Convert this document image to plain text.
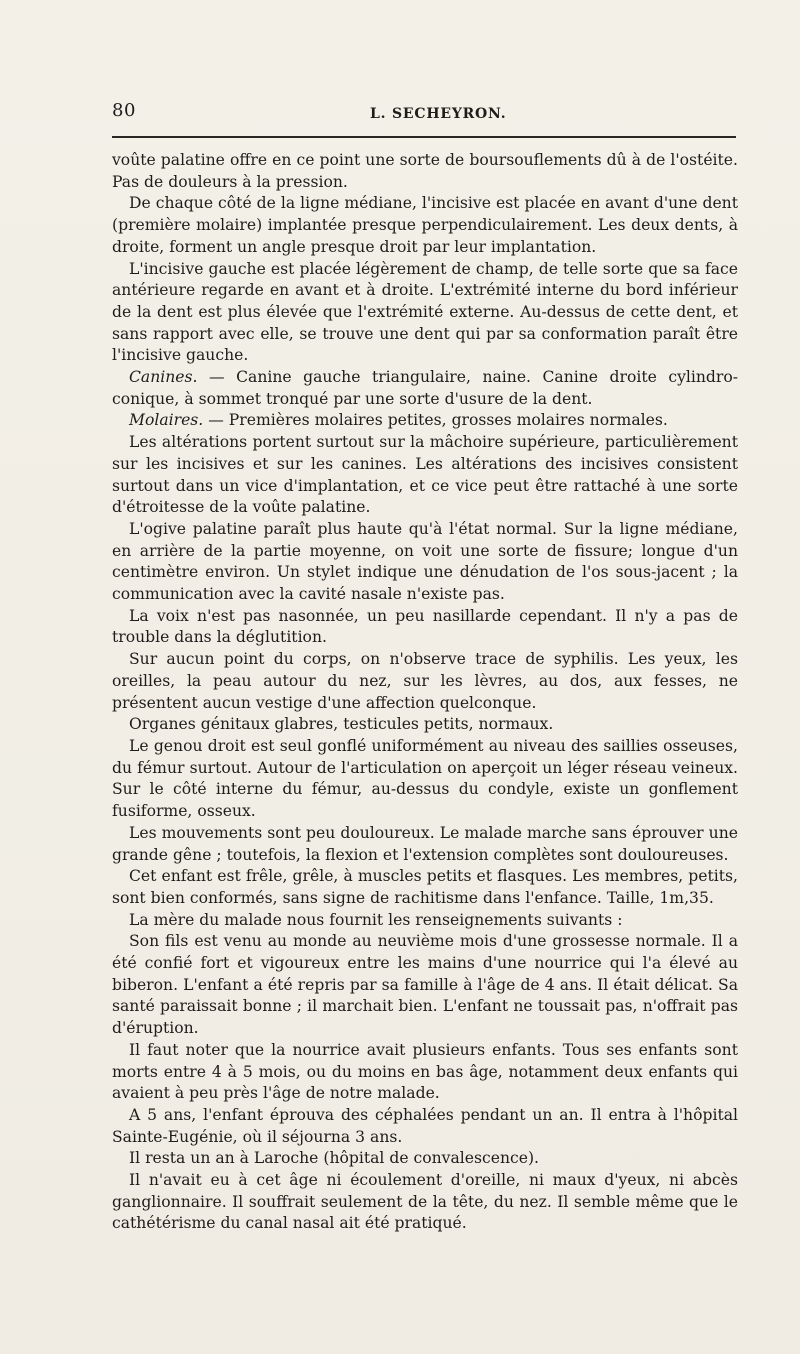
80	L. SECHEYRON.

voûte palatine offre en ce point une sorte de boursouflements dû à de l'ostéite. Pas de douleurs à la pression.

De chaque côté de la ligne médiane, l'incisive est placée en avant d'une dent (première molaire) implantée presque perpendiculairement. Les deux dents, à droite, forment un angle presque droit par leur implantation.

L'incisive gauche est placée légèrement de champ, de telle sorte que sa face antérieure regarde en avant et à droite. L'extrémité interne du bord inférieur de la dent est plus élevée que l'extrémité externe. Au-dessus de cette dent, et sans rapport avec elle, se trouve une dent qui par sa conformation paraît être l'incisive gauche.

Canines. — Canine gauche triangulaire, naine. Canine droite cylindro-conique, à sommet tronqué par une sorte d'usure de la dent.

Molaires. — Premières molaires petites, grosses molaires normales.

Les altérations portent surtout sur la mâchoire supérieure, particulièrement sur les incisives et sur les canines. Les altérations des incisives consistent surtout dans un vice d'implantation, et ce vice peut être rattaché à une sorte d'étroitesse de la voûte palatine.

L'ogive palatine paraît plus haute qu'à l'état normal. Sur la ligne médiane, en arrière de la partie moyenne, on voit une sorte de fissure; longue d'un centimètre environ. Un stylet indique une dénudation de l'os sous-jacent ; la communication avec la cavité nasale n'existe pas.

La voix n'est pas nasonnée, un peu nasillarde cependant. Il n'y a pas de trouble dans la déglutition.

Sur aucun point du corps, on n'observe trace de syphilis. Les yeux, les oreilles, la peau autour du nez, sur les lèvres, au dos, aux fesses, ne présentent aucun vestige d'une affection quelconque.

Organes génitaux glabres, testicules petits, normaux.

Le genou droit est seul gonflé uniformément au niveau des saillies osseuses, du fémur surtout. Autour de l'articulation on aperçoit un léger réseau veineux. Sur le côté interne du fémur, au-dessus du condyle, existe un gonflement fusiforme, osseux.

Les mouvements sont peu douloureux. Le malade marche sans éprouver une grande gêne ; toutefois, la flexion et l'extension complètes sont douloureuses.

Cet enfant est frêle, grêle, à muscles petits et flasques. Les membres, petits, sont bien conformés, sans signe de rachitisme dans l'enfance. Taille, 1m,35.

La mère du malade nous fournit les renseignements suivants :

Son fils est venu au monde au neuvième mois d'une grossesse normale. Il a été confié fort et vigoureux entre les mains d'une nourrice qui l'a élevé au biberon. L'enfant a été repris par sa famille à l'âge de 4 ans. Il était délicat. Sa santé paraissait bonne ; il marchait bien. L'enfant ne toussait pas, n'offrait pas d'éruption.

Il faut noter que la nourrice avait plusieurs enfants. Tous ses enfants sont morts entre 4 à 5 mois, ou du moins en bas âge, notamment deux enfants qui avaient à peu près l'âge de notre malade.

A 5 ans, l'enfant éprouva des céphalées pendant un an. Il entra à l'hôpital Sainte-Eugénie, où il séjourna 3 ans.

Il resta un an à Laroche (hôpital de convalescence).

Il n'avait eu à cet âge ni écoulement d'oreille, ni maux d'yeux, ni abcès ganglionnaire. Il souffrait seulement de la tête, du nez. Il semble même que le cathétérisme du canal nasal ait été pratiqué.
